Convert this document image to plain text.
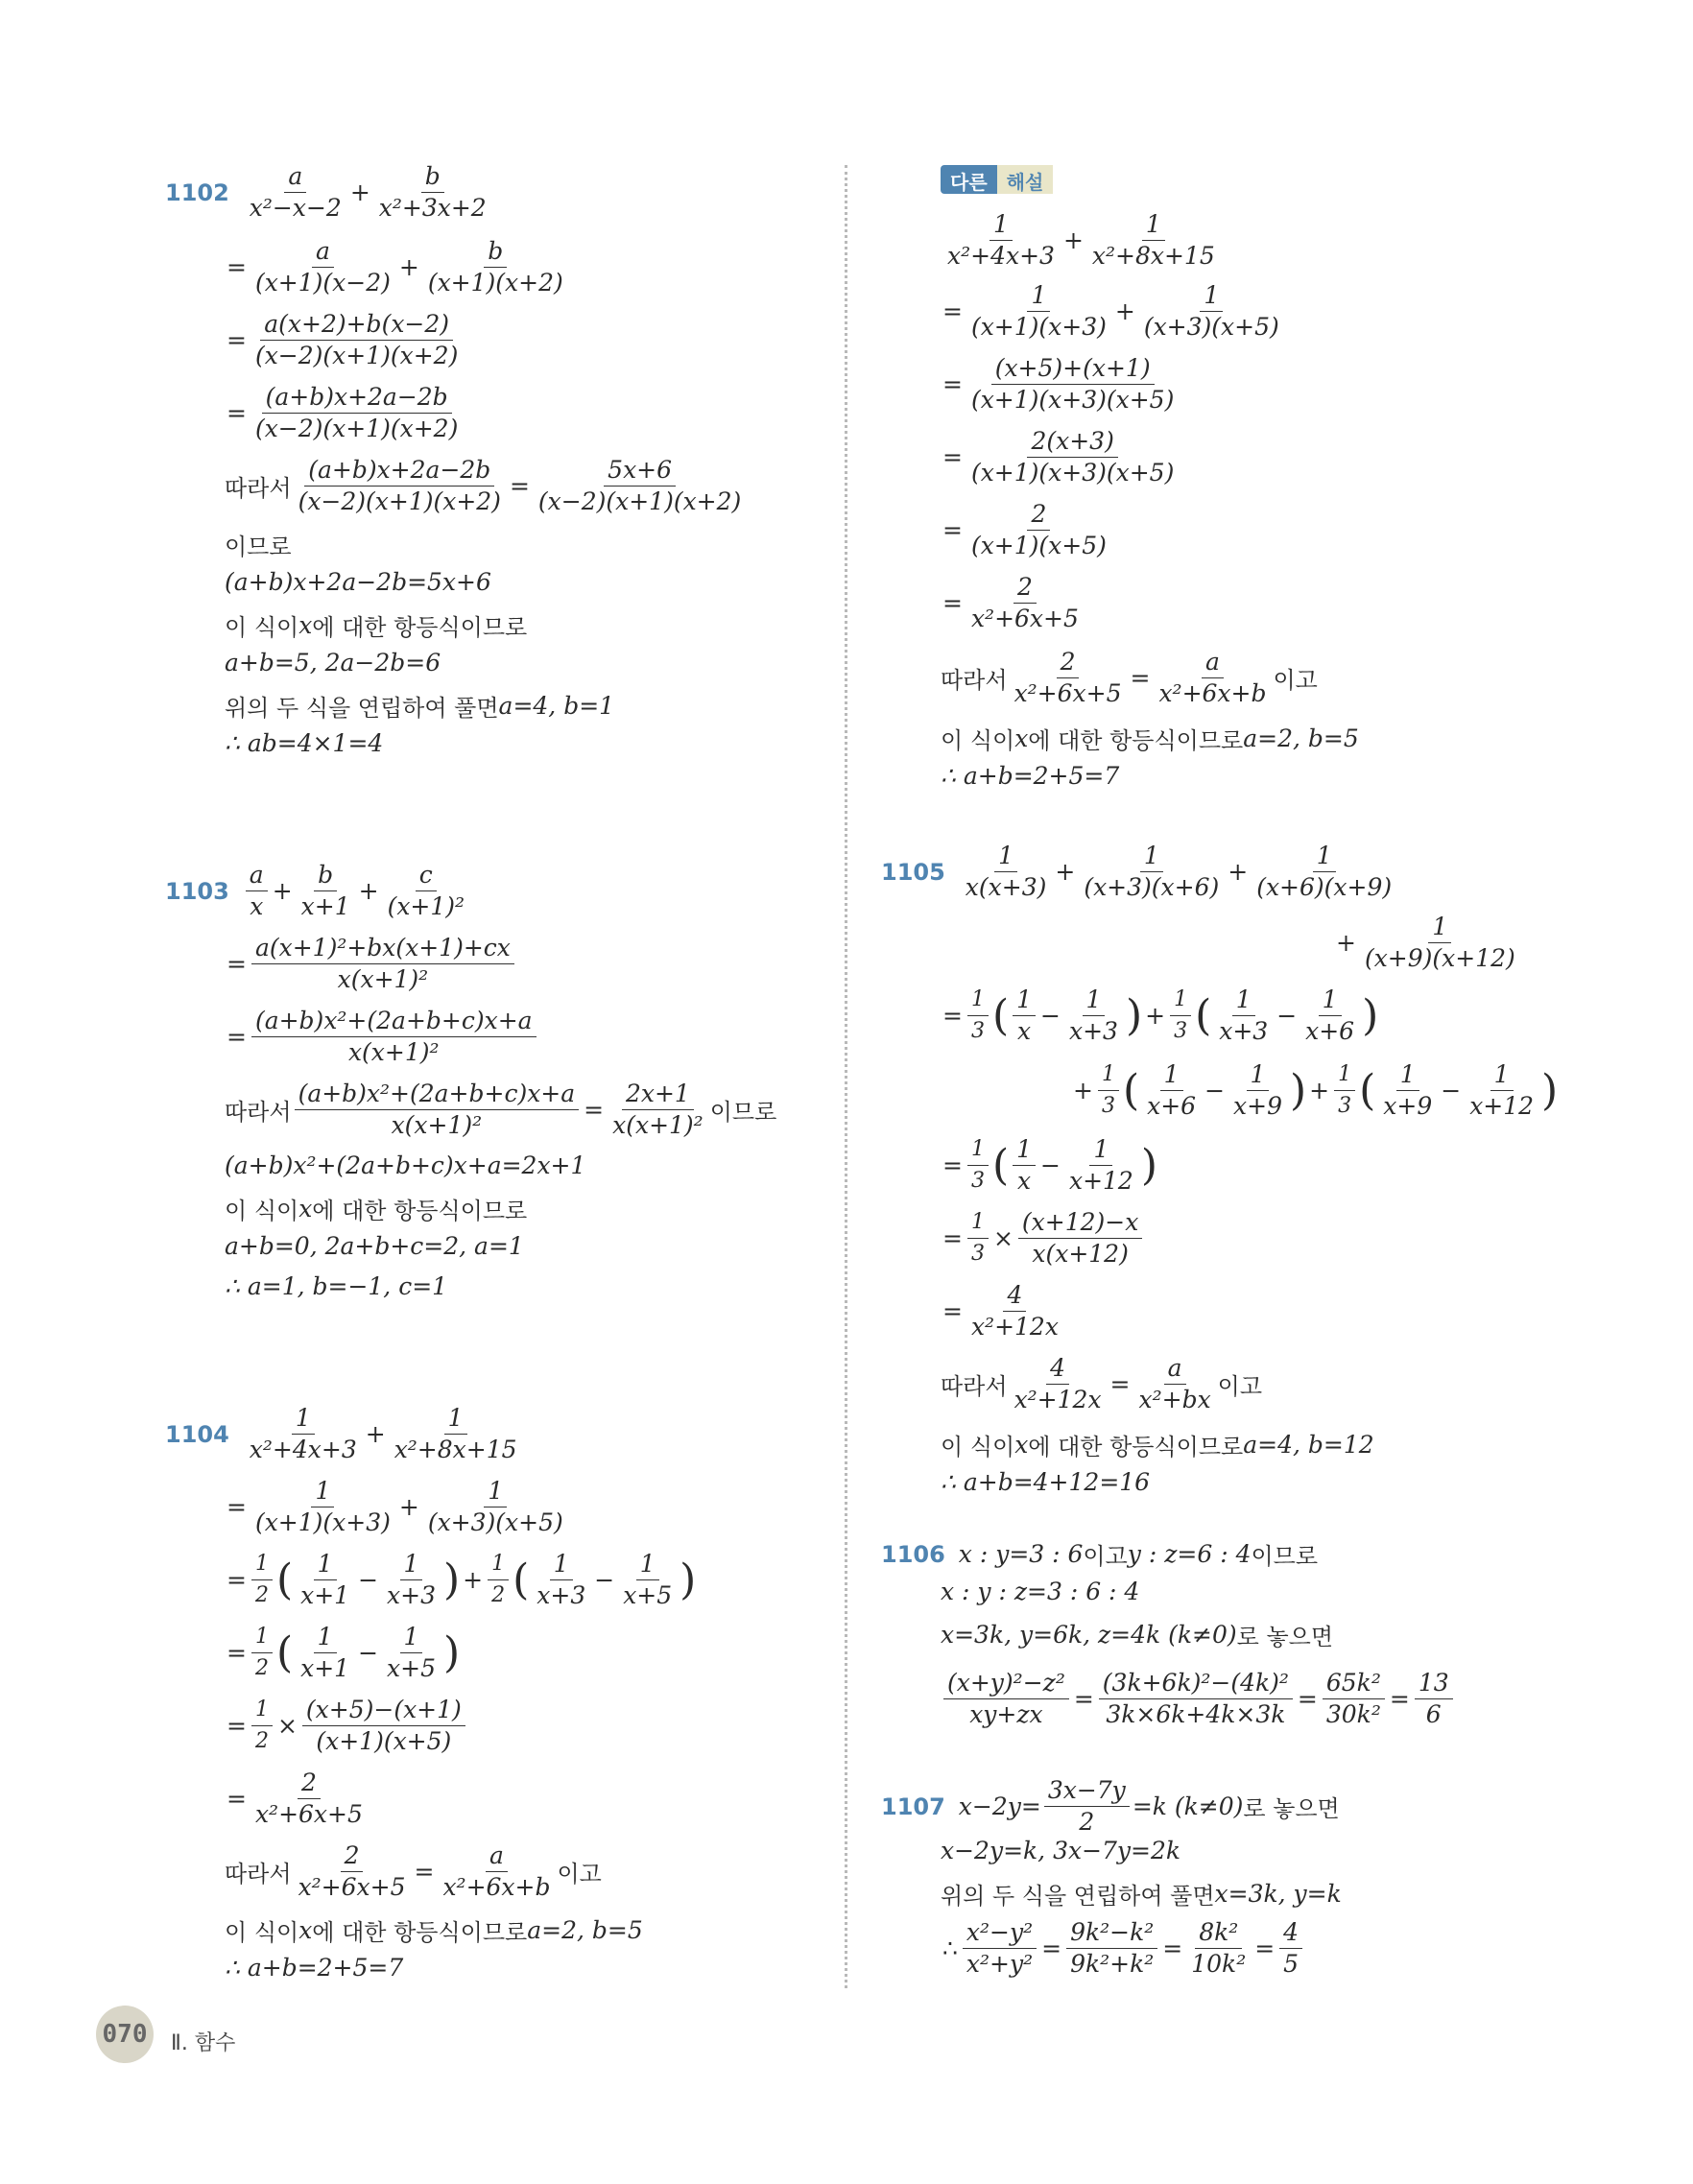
$1102 \frac{a}{\text{x²−x−2}} + \frac{b}{\text{x²+3x+2}}$
= $\frac{a}{(x+1)(x-2)} + \frac{b}{(x+1)(x+2)}$
= $\frac{a(x+2)+b(x-2)}{(x-2)(x+1)(x+2)}$
= $\frac{(a+b)x+2a-2b}{(x-2)(x+1)(x+2)}$
따라서 $\frac{(a+b)x+2a-2b}{(x-2)(x+1)(x+2)} = \frac{5x+6}{(x-2)(x+1)(x+2)}$
이므로
(a+b)x+2a−2b=5x+6
이 식이 x 에 대한 항등식이므로
a+b=5, 2a−2b=6
위의 두 식을 연립하여 풀면 a=4, b=1
∴ ab=4×1=4
$1103 \frac{a}{x} + \frac{b}{x+1} + \frac{c}{\text{(x+1)²}}$
= $\frac{\text{a(x+1)²+bx(x+1)+cx}}{\text{x(x+1)²}}$
= $\frac{\text{(a+b)x²+(2a+b+c)x+a}}{\text{x(x+1)²}}$
따라서 $\frac{\text{(a+b)x²+(2a+b+c)x+a}}{\text{x(x+1)²}} = \frac{2x+1}{\text{x(x+1)²}}$ 이므로
(a+b)x²+(2a+b+c)x+a=2x+1
이 식이 x 에 대한 항등식이므로
a+b=0, 2a+b+c=2, a=1
∴ a=1, b=−1, c=1
$1104 \frac{1}{\text{x²+4x+3}} + \frac{1}{\text{x²+8x+15}}$
= $\frac{1}{(x+1)(x+3)} + \frac{1}{(x+3)(x+5)}$
= $\frac{1}{2}$ ( $\frac{1}{x+1} - \frac{1}{x+3}$ ) + $\frac{1}{2}$ ( $\frac{1}{x+3} - \frac{1}{x+5}$ )
= $\frac{1}{2}$ ( $\frac{1}{x+1} - \frac{1}{x+5}$ )
= $\frac{1}{2} \times \frac{(x+5)-(x+1)}{(x+1)(x+5)}$
= $\frac{2}{\text{x²+6x+5}}$
따라서 $\frac{2}{\text{x²+6x+5}} = \frac{a}{\text{x²+6x+b}}$ 이고
이 식이 x 에 대한 항등식이므로 a=2, b=5
∴ a+b=2+5=7
다른	해설
$\frac{1}{\text{x²+4x+3}} + \frac{1}{\text{x²+8x+15}}$
= $\frac{1}{(x+1)(x+3)} + \frac{1}{(x+3)(x+5)}$
= $\frac{(x+5)+(x+1)}{(x+1)(x+3)(x+5)}$
= $\frac{2(x+3)}{(x+1)(x+3)(x+5)}$
= $\frac{2}{(x+1)(x+5)}$
= $\frac{2}{\text{x²+6x+5}}$
따라서 $\frac{2}{\text{x²+6x+5}} = \frac{a}{\text{x²+6x+b}}$ 이고
이 식이 x 에 대한 항등식이므로 a=2, b=5
∴ a+b=2+5=7
$1105 \frac{1}{x(x+3)} + \frac{1}{(x+3)(x+6)} + \frac{1}{(x+6)(x+9)}$
+ $\frac{1}{(x+9)(x+12)}$
= $\frac{1}{3}$ ( $\frac{1}{x} - \frac{1}{x+3}$ ) + $\frac{1}{3}$ ( $\frac{1}{x+3} - \frac{1}{x+6}$ )
+ $\frac{1}{3}$ ( $\frac{1}{x+6} - \frac{1}{x+9}$ ) + $\frac{1}{3}$ ( $\frac{1}{x+9} - \frac{1}{x+12}$ )
= $\frac{1}{3}$ ( $\frac{1}{x} - \frac{1}{x+12}$ )
= $\frac{1}{3} \times \frac{(x+12)-x}{x(x+12)}$
= $\frac{4}{\text{x²+12x}}$
따라서 $\frac{4}{\text{x²+12x}} = \frac{a}{\text{x²+bx}}$ 이고
이 식이 x 에 대한 항등식이므로 a=4, b=12
∴ a+b=4+12=16
1106 x : y=3 : 6 이고 y : z=6 : 4 이므로
x : y : z=3 : 6 : 4
x=3k, y=6k, z=4k (k≠0) 로 놓으면
$\frac{\text{(x+y)²−z²}}{xy+zx} = \frac{\text{(3k+6k)²−(4k)²}}{3k\times 6k+4k\times 3k} = \frac{\text{65k²}}{\text{30k²}} = \frac{13}{6}$
1107 $x-2y= \frac{3x-7y}{2} =k$ (k≠0) 로 놓으면
x−2y=k, 3x−7y=2k
위의 두 식을 연립하여 풀면 x=3k, y=k
∴ $\frac{\text{x²−y²}}{\text{x²+y²}} = \frac{\text{9k²−k²}}{\text{9k²+k²}} = \frac{\text{8k²}}{\text{10k²}} = \frac{4}{5}$
070 Ⅱ. 함수
